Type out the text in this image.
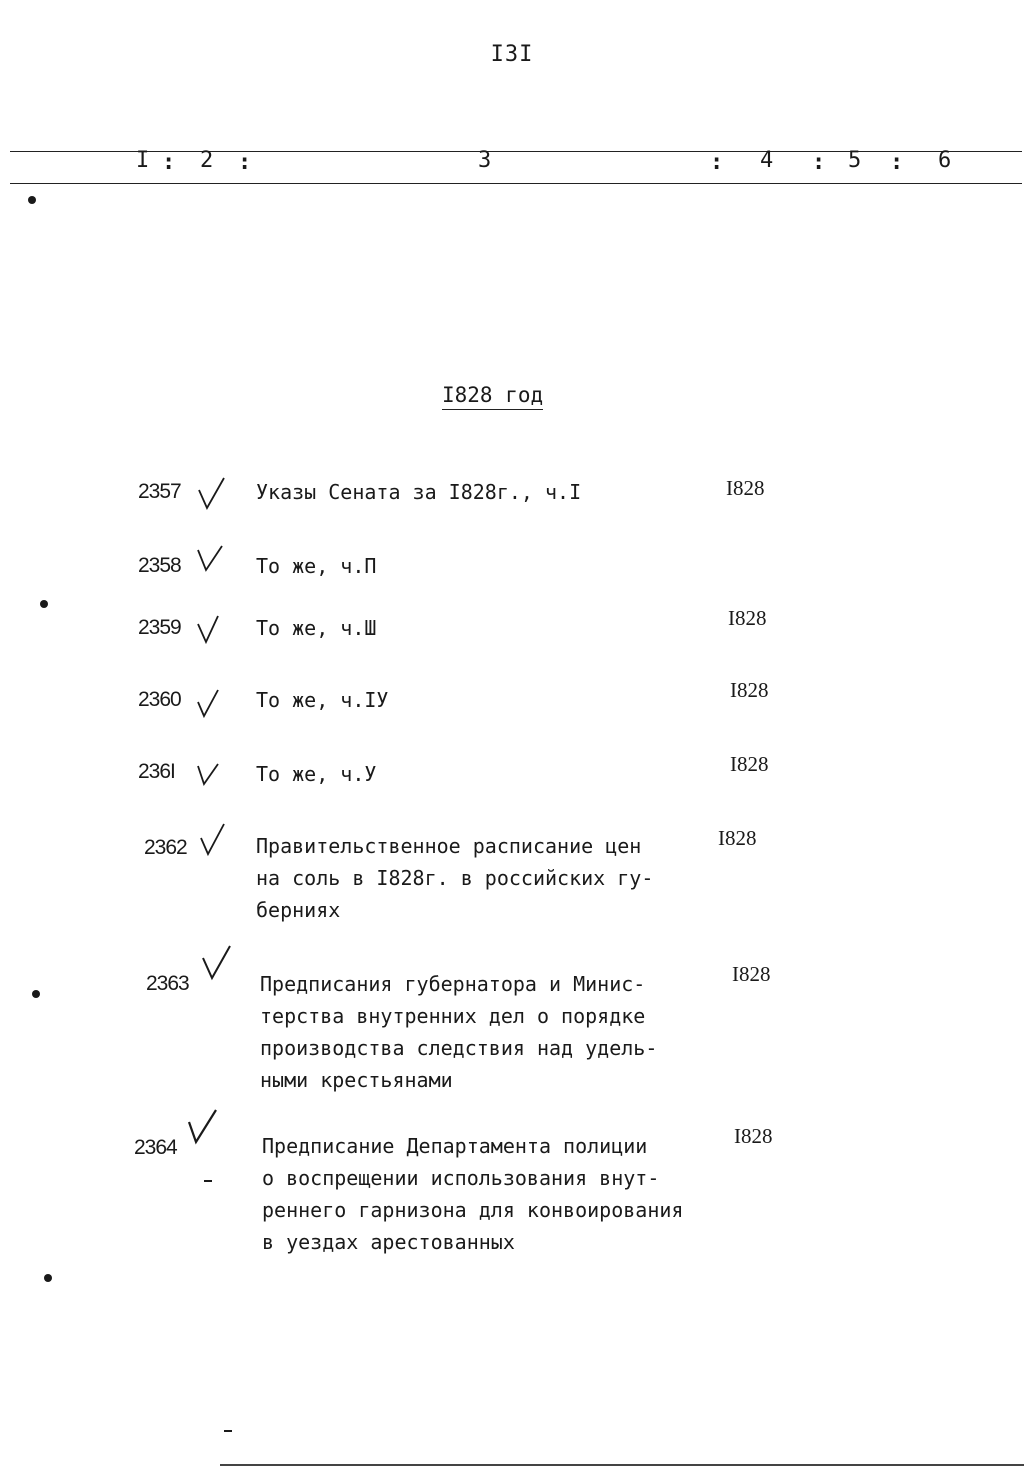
I3I
I : 2 :	3	: 4 : 5 : 6
I828 год
2357	Указы Сената за I828г., ч.I	I828
2358	То же, ч.П
2359	То же, ч.Ш	I828
2360	То же, ч.IУ	I828
236I	То же, ч.У	I828
2362	Правительственное расписание цен
на соль в I828г. в российских гу-
берниях
I828
2363	Предписания губернатора и Минис-
терства внутренних дел о порядке
производства следствия над удель-
ными крестьянами
I828
2364	Предписание Департамента полиции
о воспрещении использования внут-
реннего гарнизона для конвоирования
в уездах арестованных
I828
